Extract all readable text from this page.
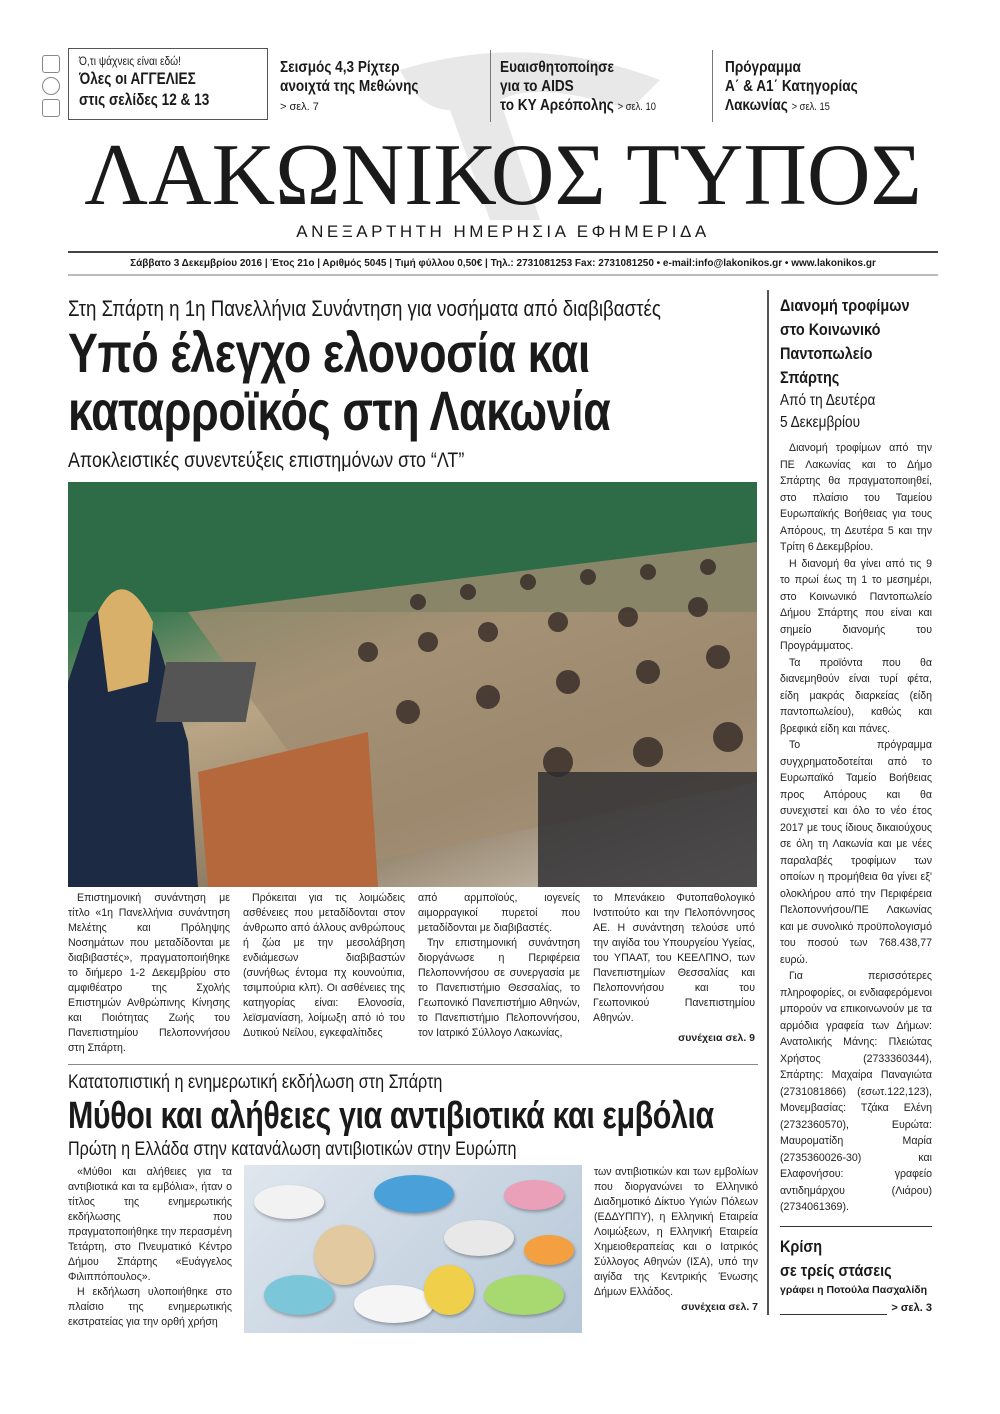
Ό,τι ψάχνεις είναι εδώ!
Όλες οι ΑΓΓΕΛΙΕΣ
στις σελίδες 12 & 13
Σεισμός 4,3 Ρίχτερ
ανοιχτά της Μεθώνης
> σελ. 7
Ευαισθητοποίησε
για το AIDS
το ΚΥ Αρεόπολης > σελ. 10
Πρόγραμμα
Α΄ & Α1΄ Κατηγορίας
Λακωνίας > σελ. 15
ΛΑΚΩΝΙΚΟΣ ΤΥΠΟΣ
ΑΝΕΞΑΡΤΗΤΗ ΗΜΕΡΗΣΙΑ ΕΦΗΜΕΡΙΔΑ
Σάββατο 3 Δεκεμβρίου 2016 | Έτος 21ο | Αριθμός 5045 | Τιμή φύλλου 0,50€ | Τηλ.: 2731081253 Fax: 2731081250 • e-mail:info@lakonikos.gr • www.lakonikos.gr
Στη Σπάρτη η 1η Πανελλήνια Συνάντηση για νοσήματα από διαβιβαστές
Υπό έλεγχο ελονοσία και
καταρροϊκός στη Λακωνία
Αποκλειστικές συνεντεύξεις επιστημόνων στο “ΛΤ”

Επιστημονική συνάντηση με τίτλο «1η Πανελλήνια συνάντηση Μελέτης και Πρόληψης Νοσημάτων που μεταδίδονται με διαβιβαστές», πραγματοποιήθηκε το διήμερο 1-2 Δεκεμβρίου στο αμφιθέατρο της Σχολής Επιστημών Ανθρώπινης Κίνησης και Ποιότητας Ζωής του Πανεπιστημίου Πελοποννήσου στη Σπάρτη.

Πρόκειται για τις λοιμώδεις ασθένειες που μεταδίδονται στον άνθρωπο από άλλους ανθρώπους ή ζώα με την μεσολάβηση ενδιάμεσων διαβιβαστών (συνήθως έντομα πχ κουνούπια, τσιμπούρια κλπ). Οι ασθένειες της κατηγορίας είναι: Ελονοσία, λεϊσμανίαση, λοίμωξη από ιό του Δυτικού Νείλου, εγκεφαλίτιδες

από αρμποϊούς, ιογενείς αιμορραγικοί πυρετοί που μεταδίδονται με διαβιβαστές.

Την επιστημονική συνάντηση διοργάνωσε η Περιφέρεια Πελοποννήσου σε συνεργασία με το Πανεπιστήμιο Θεσσαλίας, το Γεωπονικό Πανεπιστήμιο Αθηνών, το Πανεπιστήμιο Πελοποννήσου, τον Ιατρικό Σύλλογο Λακωνίας,

το Μπενάκειο Φυτοπαθολογικό Ινστιτούτο και την Πελοπόννησος ΑΕ. Η συνάντηση τελούσε υπό την αιγίδα του Υπουργείου Υγείας, του ΥΠΑΑΤ, του ΚΕΕΛΠΝΟ, των Πανεπιστημίων Θεσσαλίας και Πελοποννήσου και του Γεωπονικού Πανεπιστημίου Αθηνών.

συνέχεια σελ. 9
Κατατοπιστική η ενημερωτική εκδήλωση στη Σπάρτη
Μύθοι και αλήθειες για αντιβιοτικά και εμβόλια
Πρώτη η Ελλάδα στην κατανάλωση αντιβιοτικών στην Ευρώπη

«Μύθοι και αλήθειες για τα αντιβιοτικά και τα εμβόλια», ήταν ο τίτλος της ενημερωτικής εκδήλωσης που πραγματοποιήθηκε την περασμένη Τετάρτη, στο Πνευματικό Κέντρο Δήμου Σπάρτης «Ευάγγελος Φιλιππόπουλος».

Η εκδήλωση υλοποιήθηκε στο πλαίσιο της ενημερωτικής εκστρατείας για την ορθή χρήση

των αντιβιοτικών και των εμβολίων που διοργανώνει το Ελληνικό Διαδημοτικό Δίκτυο Υγιών Πόλεων (ΕΔΔΥΠΠΥ), η Ελληνική Εταιρεία Λοιμώξεων, η Ελληνική Εταιρεία Χημειοθεραπείας και ο Ιατρικός Σύλλογος Αθηνών (ΙΣΑ), υπό την αιγίδα της Κεντρικής Ένωσης Δήμων Ελλάδος.

συνέχεια σελ. 7
Διανομή τροφίμων
στο Κοινωνικό
Παντοπωλείο
Σπάρτης
Από τη Δευτέρα
5 Δεκεμβρίου

Διανομή τροφίμων από την ΠΕ Λακωνίας και το Δήμο Σπάρτης θα πραγματοποιηθεί, στο πλαίσιο του Ταμείου Ευρωπαϊκής Βοήθειας για τους Απόρους, τη Δευτέρα 5 και την Τρίτη 6 Δεκεμβρίου.

Η διανομή θα γίνει από τις 9 το πρωί έως τη 1 το μεσημέρι, στο Κοινωνικό Παντοπωλείο Δήμου Σπάρτης που είναι και σημείο διανομής του Προγράμματος.

Τα προϊόντα που θα διανεμηθούν είναι τυρί φέτα, είδη μακράς διαρκείας (είδη παντοπωλείου), καθώς και βρεφικά είδη και πάνες.

Το πρόγραμμα συγχρηματοδοτείται από το Ευρωπαϊκό Ταμείο Βοήθειας προς Απόρους και θα συνεχιστεί και όλο το νέο έτος 2017 με τους ίδιους δικαιούχους σε όλη τη Λακωνία και με νέες παραλαβές τροφίμων των οποίων η προμήθεια θα γίνει εξ' ολοκλήρου από την Περιφέρεια Πελοποννήσου/ΠΕ Λακωνίας και με συνολικό προϋπολογισμό του ποσού των 768.438,77 ευρώ.

Για περισσότερες πληροφορίες, οι ενδιαφερόμενοι μπορούν να επικοινωνούν με τα αρμόδια γραφεία των Δήμων: Ανατολικής Μάνης: Πλειώτας Χρήστος (2733360344), Σπάρτης: Μαχαίρα Παναγιώτα (2731081866) (εσωτ.122,123), Μονεμβασίας: Τζάκα Ελένη (2732360570), Ευρώτα: Μαυροματίδη Μαρία (2735360026-30) και Ελαφονήσου: γραφείο αντιδημάρχου (Λιάρου) (2734061369).

Κρίση
σε τρείς στάσεις
γράφει η Ποτούλα Πασχαλίδη
> σελ. 3
